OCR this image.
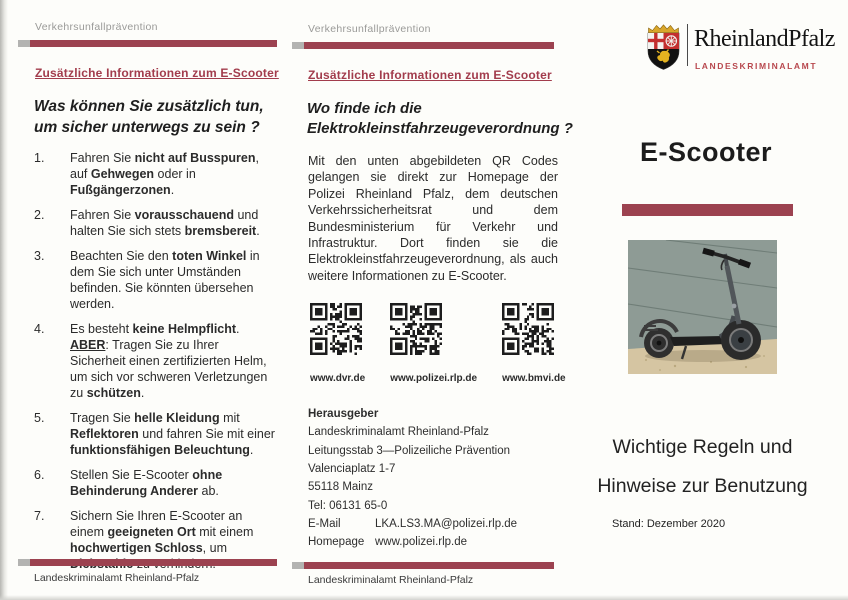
Verkehrsunfallprävention
Zusätzliche Informationen zum E-Scooter
Was können Sie zusätzlich tun, um sicher unterwegs zu sein ?
1.	Fahren Sie nicht auf Busspuren, auf Gehwegen oder in Fußgängerzonen.
2.	Fahren Sie vorausschauend und halten Sie sich stets bremsbereit.
3.	Beachten Sie den toten Winkel in dem Sie sich unter Umständen befinden. Sie könnten übersehen werden.
4.	Es besteht keine Helmpflicht. ABER: Tragen Sie zu Ihrer Sicherheit einen zertifizierten Helm, um sich vor schweren Verletzungen zu schützen.
5.	Tragen Sie helle Kleidung mit Reflektoren und fahren Sie mit einer funktionsfähigen Beleuchtung.
6.	Stellen Sie E-Scooter ohne Behinderung Anderer ab.
7.	Sichern Sie Ihren E-Scooter an einem geeigneten Ort mit einem hochwertigen Schloss, um
Landeskriminalamt Rheinland-Pfalz
Verkehrsunfallprävention
Zusätzliche Informationen zum E-Scooter
Wo finde ich die Elektrokleinstfahrzeugeverordnung ?
Mit den unten abgebildeten QR Codes gelangen sie direkt zur Homepage der Polizei Rheinland Pfalz, dem deutschen Verkehrssicherheitsrat und dem Bundesministerium für Verkehr und Infrastruktur. Dort finden sie die Elektrokleinstfahrzeugeverordnung, als auch weitere Informationen zu E-Scooter.
www.dvr.de	www.polizei.rlp.de	www.bmvi.de
Herausgeber
Landeskriminalamt Rheinland-Pfalz
Leitungsstab 3—Polizeiliche Prävention
Valenciaplatz 1-7
55118 Mainz
Tel: 06131 65-0
E-Mail	LKA.LS3.MA@polizei.rlp.de
Homepage www.polizei.rlp.de
Landeskriminalamt Rheinland-Pfalz
RheinlandPfalz
LANDESKRIMINALAMT
E-Scooter
Wichtige Regeln und
Hinweise zur Benutzung
Stand: Dezember 2020
